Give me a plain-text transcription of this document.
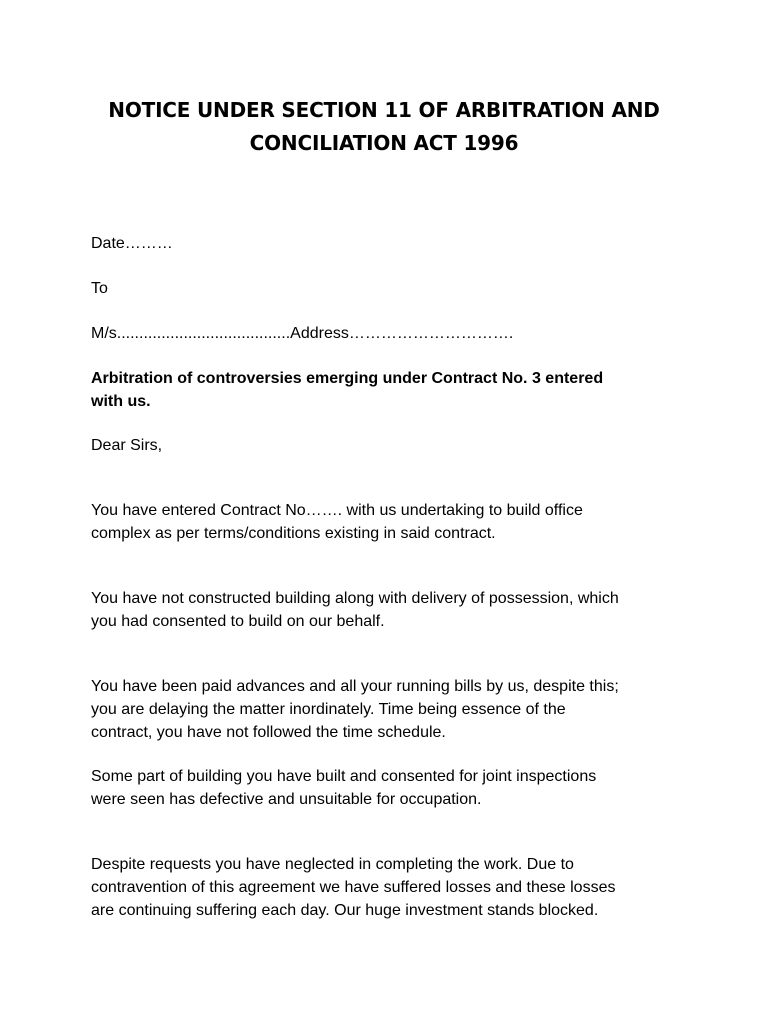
NOTICE UNDER SECTION 11 OF ARBITRATION AND
CONCILIATION ACT 1996
Date………
To
M/s.......................................Address………………………….
Arbitration of controversies emerging under Contract No. 3 entered
with us.
Dear Sirs,
You have entered Contract No……. with us undertaking to build office
complex as per terms/conditions existing in said contract.
You have not constructed building along with delivery of possession, which
you had consented to build on our behalf.
You have been paid advances and all your running bills by us, despite this;
you are delaying the matter inordinately. Time being essence of the
contract, you have not followed the time schedule.
Some part of building you have built and consented for joint inspections
were seen has defective and unsuitable for occupation.
Despite requests you have neglected in completing the work. Due to
contravention of this agreement we have suffered losses and these losses
are continuing suffering each day. Our huge investment stands blocked.
